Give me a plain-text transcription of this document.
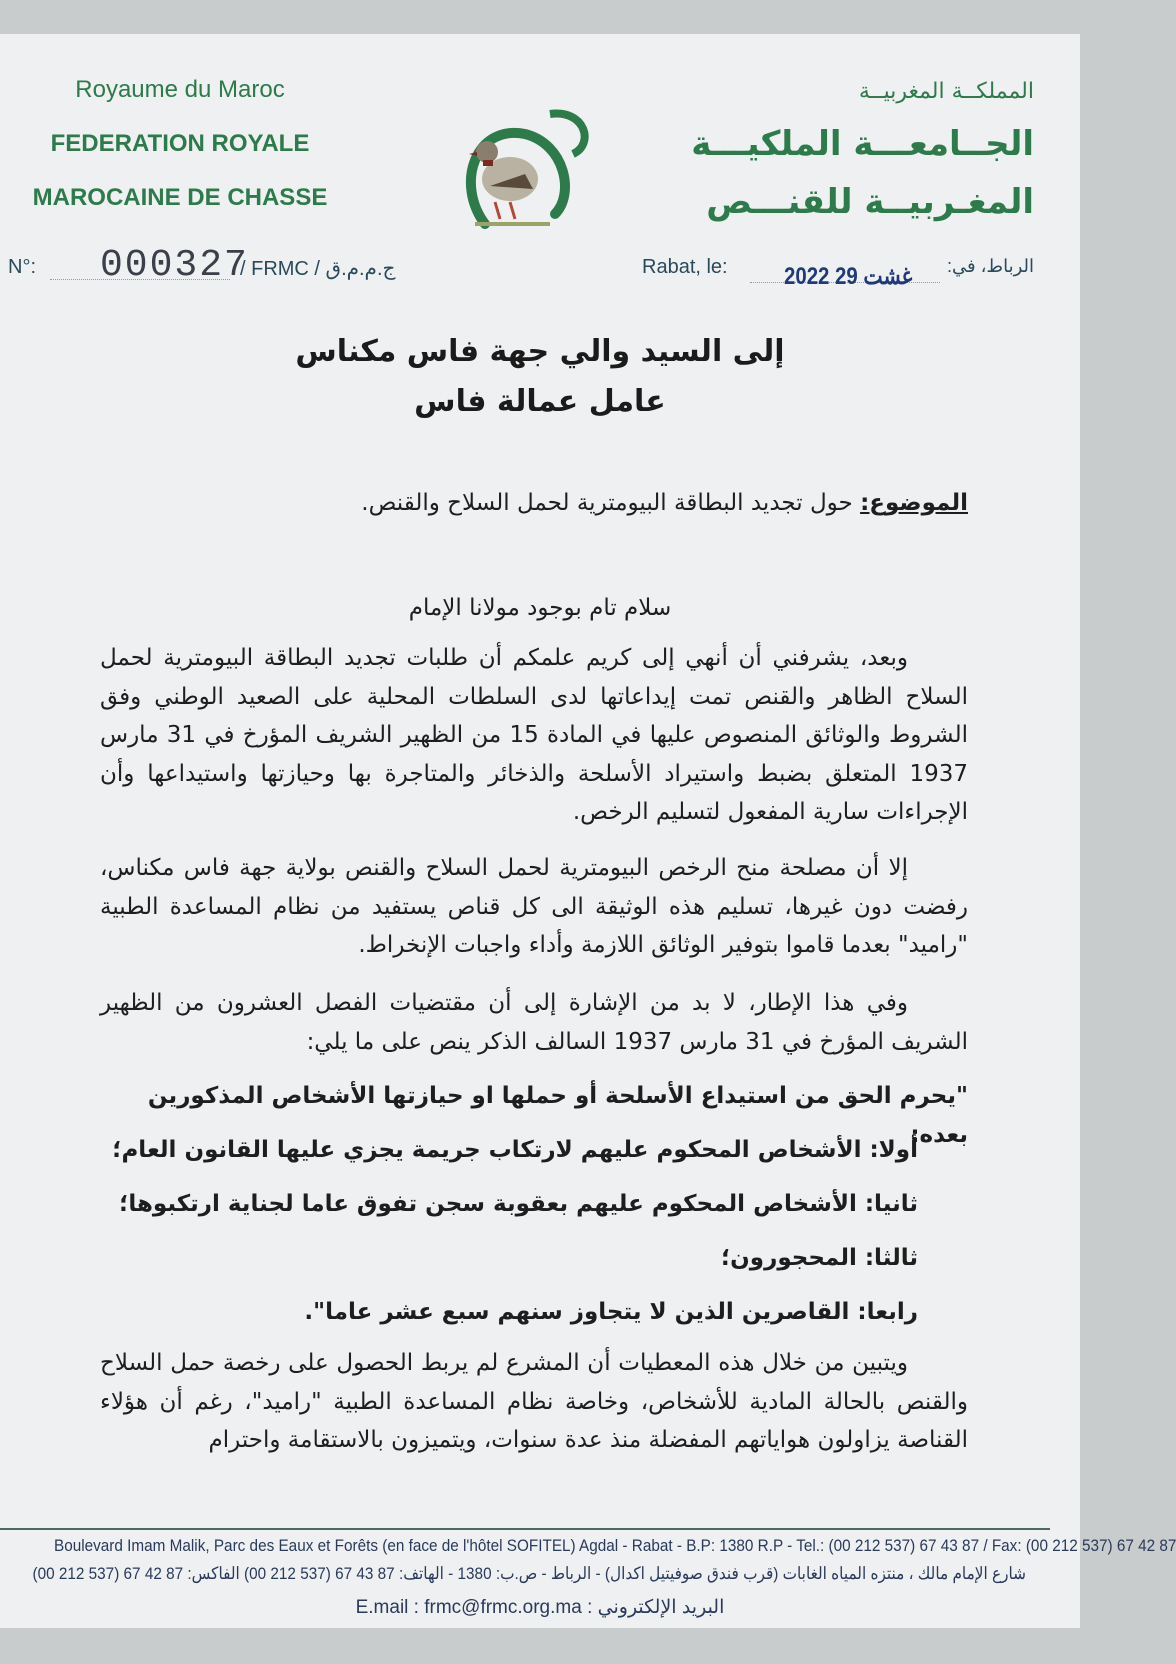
Royaume du Maroc
FEDERATION ROYALE
MAROCAINE DE CHASSE
المملكــة المغربيــة
الجــامعـــة الملكيـــة
المغـربيــة للقنـــص
N°: 000327
/ FRMC / ج.م.م.ق	Rabat, le: 2022 غشت 29 الرباط، في:
إلى السيد والي جهة فاس مكناس
عامل عمالة فاس
الموضوع: حول تجديد البطاقة البيومترية لحمل السلاح والقنص.
سلام تام بوجود مولانا الإمام
وبعد، يشرفني أن أنهي إلى كريم علمكم أن طلبات تجديد البطاقة البيومترية لحمل السلاح الظاهر والقنص تمت إيداعاتها لدى السلطات المحلية على الصعيد الوطني وفق الشروط والوثائق المنصوص عليها في المادة 15 من الظهير الشريف المؤرخ في 31 مارس 1937 المتعلق بضبط واستيراد الأسلحة والذخائر والمتاجرة بها وحيازتها واستيداعها وأن الإجراءات سارية المفعول لتسليم الرخص.
إلا أن مصلحة منح الرخص البيومترية لحمل السلاح والقنص بولاية جهة فاس مكناس، رفضت دون غيرها، تسليم هذه الوثيقة الى كل قناص يستفيد من نظام المساعدة الطبية "راميد" بعدما قاموا بتوفير الوثائق اللازمة وأداء واجبات الإنخراط.
وفي هذا الإطار، لا بد من الإشارة إلى أن مقتضيات الفصل العشرون من الظهير الشريف المؤرخ في 31 مارس 1937 السالف الذكر ينص على ما يلي:
"يحرم الحق من استيداع الأسلحة أو حملها او حيازتها الأشخاص المذكورين بعده:
أولا: الأشخاص المحكوم عليهم لارتكاب جريمة يجزي عليها القانون العام؛
ثانيا: الأشخاص المحكوم عليهم بعقوبة سجن تفوق عاما لجناية ارتكبوها؛
ثالثا: المحجورون؛
رابعا: القاصرين الذين لا يتجاوز سنهم سبع عشر عاما".
ويتبين من خلال هذه المعطيات أن المشرع لم يربط الحصول على رخصة حمل السلاح والقنص بالحالة المادية للأشخاص، وخاصة نظام المساعدة الطبية "راميد"، رغم أن هؤلاء القناصة يزاولون هواياتهم المفضلة منذ عدة سنوات، ويتميزون بالاستقامة واحترام
Boulevard Imam Malik, Parc des Eaux et Forêts (en face de l'hôtel SOFITEL) Agdal - Rabat - B.P: 1380 R.P - Tel.: (00 212 537) 67 43 87 / Fax: (00 212 537) 67 42 87
شارع الإمام مالك ، منتزه المياه الغابات (قرب فندق صوفيتيل اكدال) - الرباط - ص.ب: 1380 - الهاتف: 87 43 67 (537 212 00) الفاكس: 87 42 67 (537 212 00)
E.mail : frmc@frmc.org.ma : البريد الإلكتروني
